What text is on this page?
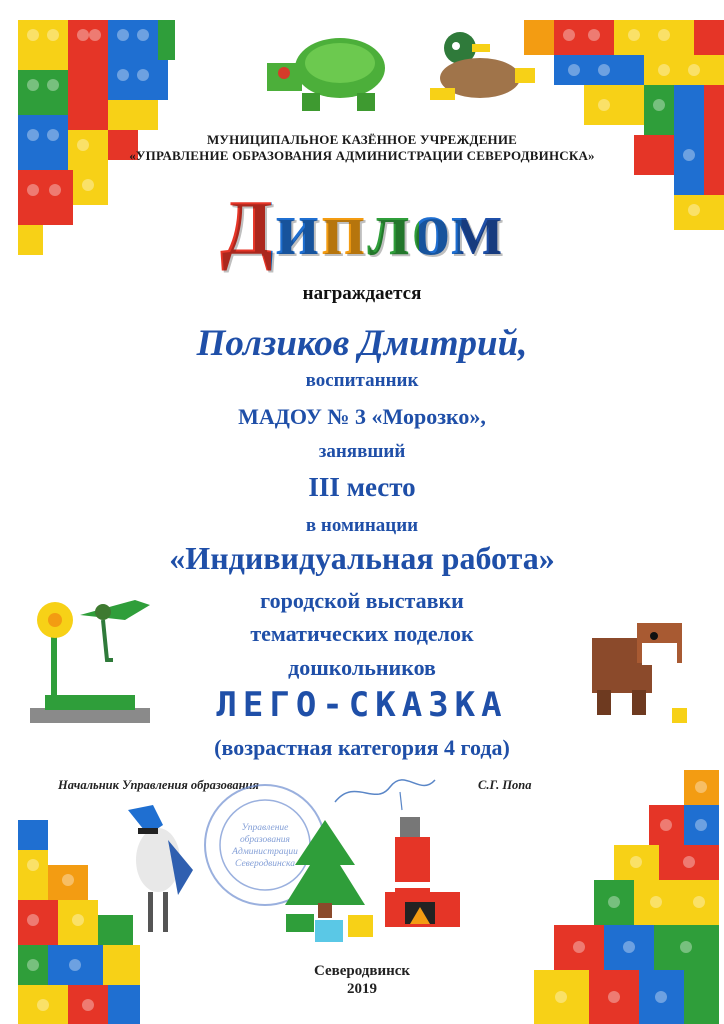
МУНИЦИПАЛЬНОЕ КАЗЁННОЕ УЧРЕЖДЕНИЕ
«УПРАВЛЕНИЕ ОБРАЗОВАНИЯ АДМИНИСТРАЦИИ СЕВЕРОДВИНСКА»
Диплом
награждается
Ползиков Дмитрий,
воспитанник
МАДОУ № 3 «Морозко»,
занявший
III место
в номинации
«Индивидуальная работа»
городской выставки
тематических поделок
дошкольников
ЛЕГО-СКАЗКА
(возрастная категория 4 года)
Начальник Управления образования	С.Г. Попа
Управление образования Администрации Северодвинска
Северодвинск
2019
